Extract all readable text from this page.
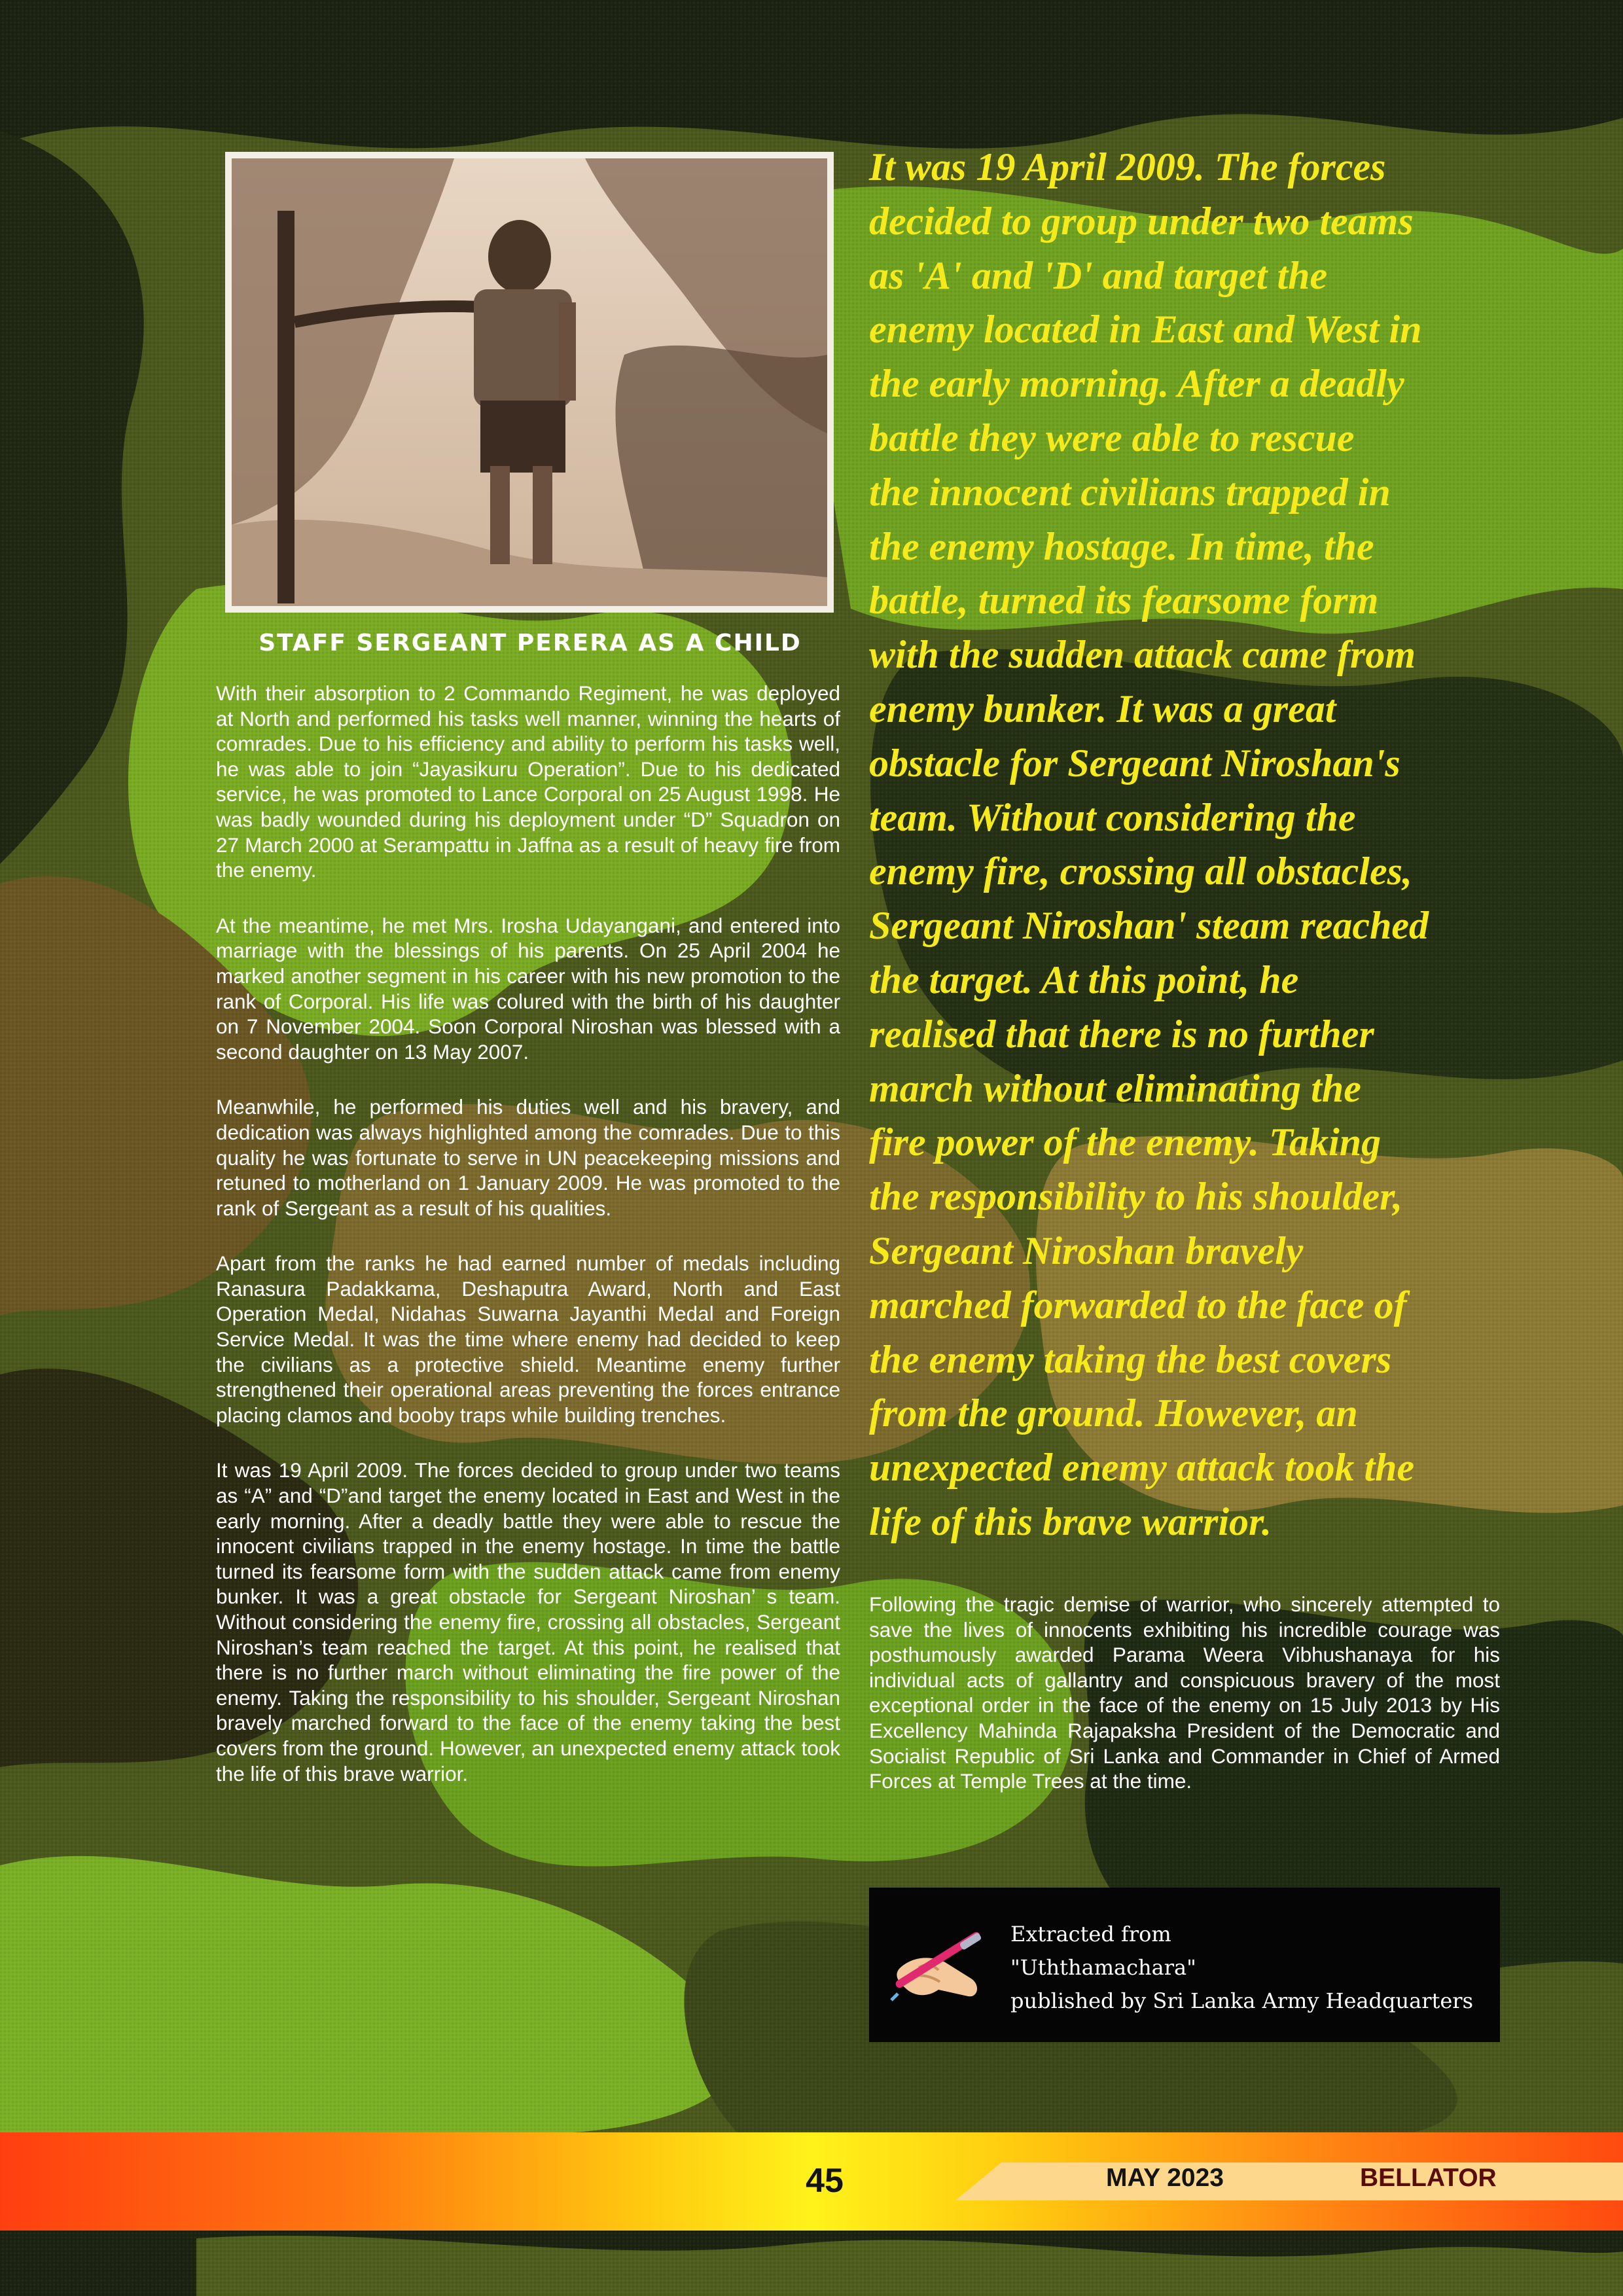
STAFF SERGEANT PERERA AS A CHILD

With their absorption to 2 Commando Regiment, he was deployed at North and performed his tasks well manner, winning the hearts of comrades. Due to his efficiency and ability to perform his tasks well, he was able to join “Jayasikuru Operation”. Due to his dedicated service, he was promoted to Lance Corporal on 25 August 1998. He was badly wounded during his deployment under “D” Squadron on 27 March 2000 at Serampattu in Jaffna as a result of heavy fire from the enemy.

At the meantime, he met Mrs. Irosha Udayangani, and entered into marriage with the blessings of his parents. On 25 April 2004 he marked another segment in his career with his new promotion to the rank of Corporal. His life was colured with the birth of his daughter on 7 November 2004. Soon Corporal Niroshan was blessed with a second daughter on 13 May 2007.

Meanwhile, he performed his duties well and his bravery, and dedication was always highlighted among the comrades. Due to this quality he was fortunate to serve in UN peacekeeping missions and retuned to motherland on 1 January 2009. He was promoted to the rank of Sergeant as a result of his qualities.

Apart from the ranks he had earned number of medals including Ranasura Padakkama, Deshaputra Award, North and East Operation Medal, Nidahas Suwarna Jayanthi Medal and Foreign Service Medal. It was the time where enemy had decided to keep the civilians as a protective shield. Meantime enemy further strengthened their operational areas preventing the forces entrance placing clamos and booby traps while building trenches.

It was 19 April 2009. The forces decided to group under two teams as “A” and “D”and target the enemy located in East and West in the early morning. After a deadly battle they were able to rescue the innocent civilians trapped in the enemy hostage. In time the battle turned its fearsome form with the sudden attack came from enemy bunker. It was a great obstacle for Sergeant Niroshan’ s team. Without considering the enemy fire, crossing all obstacles, Sergeant Niroshan’s team reached the target. At this point, he realised that there is no further march without eliminating the fire power of the enemy. Taking the responsibility to his shoulder, Sergeant Niroshan bravely marched forward to the face of the enemy taking the best covers from the ground. However, an unexpected enemy attack took the life of this brave warrior.

It was 19 April 2009. The forces
decided to group under two teams
as 'A' and 'D' and target the
enemy located in East and West in
the early morning. After a deadly
battle they were able to rescue
the innocent civilians trapped in
the enemy hostage. In time, the
battle, turned its fearsome form
with the sudden attack came from
enemy bunker. It was a great
obstacle for Sergeant Niroshan's
team. Without considering the
enemy fire, crossing all obstacles,
Sergeant Niroshan' steam reached
the target. At this point, he
realised that there is no further
march without eliminating the
fire power of the enemy. Taking
the responsibility to his shoulder,
Sergeant Niroshan bravely
marched forwarded to the face of
the enemy taking the best covers
from the ground. However, an
unexpected enemy attack took the
life of this brave warrior.

Following the tragic demise of warrior, who sincerely attempted to save the lives of innocents exhibiting his incredible courage was posthumously awarded Parama Weera Vibhushanaya for his individual acts of gallantry and conspicuous bravery of the most exceptional order in the face of the enemy on 15 July 2013 by His Excellency Mahinda Rajapaksha President of the Democratic and Socialist Republic of Sri Lanka and Commander in Chief of Armed Forces at Temple Trees at the time.

Extracted from
"Uththamachara"
published by Sri Lanka Army Headquarters
45	MAY 2023	BELLATOR
